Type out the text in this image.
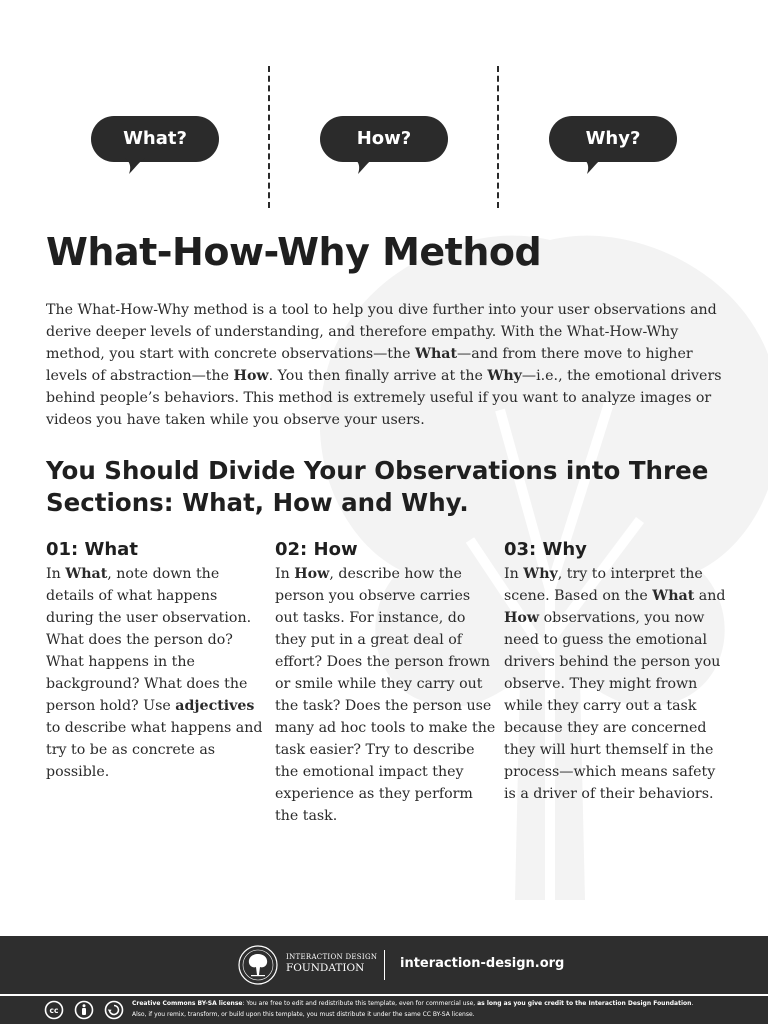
What?	How?	Why?
What-How-Why Method

The What-How-Why method is a tool to help you dive further into your user observations and derive deeper levels of understanding, and therefore empathy. With the What-How-Why method, you start with concrete observations—the What—and from there move to higher levels of abstraction—the How. You then finally arrive at the Why—i.e., the emotional drivers behind people’s behaviors. This method is extremely useful if you want to analyze images or videos you have taken while you observe your users.

You Should Divide Your Observations into Three Sections: What, How and Why.
01: What

In What, note down the details of what happens during the user observation. What does the person do? What happens in the background? What does the person hold? Use adjectives to describe what happens and try to be as concrete as possible.

02: How

In How, describe how the person you observe carries out tasks. For instance, do they put in a great deal of effort? Does the person frown or smile while they carry out the task? Does the person use many ad hoc tools to make the task easier? Try to describe the emotional impact they experience as they perform the task.

03: Why

In Why, try to interpret the scene. Based on the What and How observations, you now need to guess the emotional drivers behind the person you observe. They might frown while they carry out a task because they are concerned they will hurt themself in the process—which means safety is a driver of their behaviors.

INTERACTION DESIGN
FOUNDATION	interaction-design.org
cc
Creative Commons BY-SA license: You are free to edit and redistribute this template, even for commercial use, as long as you give credit to the Interaction Design Foundation.
Also, if you remix, transform, or build upon this template, you must distribute it under the same CC BY-SA license.
